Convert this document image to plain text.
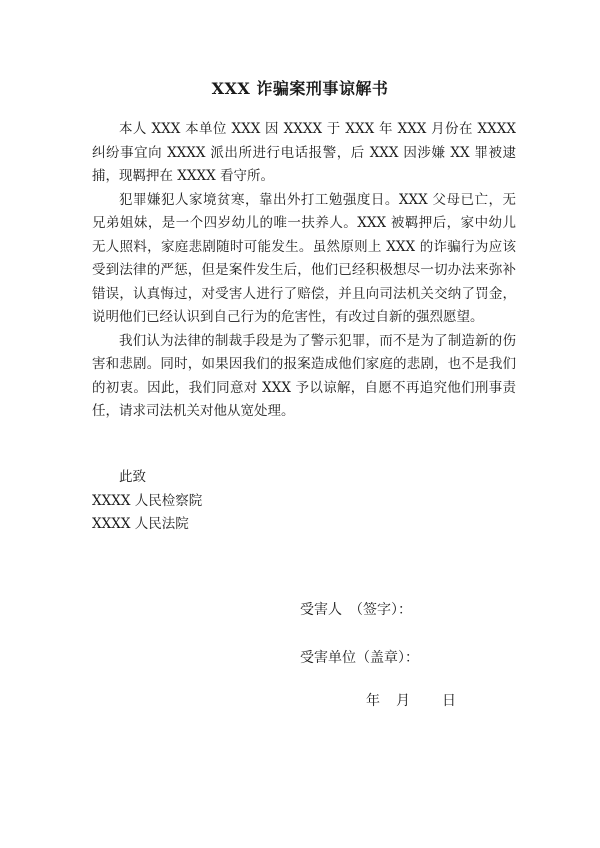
XXX 诈骗案刑事谅解书

本人 XXX 本单位 XXX 因 XXXX 于 XXX 年 XXX 月份在 XXXX 纠纷事宜向 XXXX 派出所进行电话报警，后 XXX 因涉嫌 XX 罪被逮捕，现羁押在 XXXX 看守所。

犯罪嫌犯人家境贫寒，靠出外打工勉强度日。XXX 父母已亡，无兄弟姐妹，是一个四岁幼儿的唯一扶养人。XXX 被羁押后，家中幼儿无人照料，家庭悲剧随时可能发生。虽然原则上 XXX 的诈骗行为应该受到法律的严惩，但是案件发生后，他们已经积极想尽一切办法来弥补错误，认真悔过，对受害人进行了赔偿，并且向司法机关交纳了罚金，说明他们已经认识到自己行为的危害性，有改过自新的强烈愿望。

我们认为法律的制裁手段是为了警示犯罪，而不是为了制造新的伤害和悲剧。同时，如果因我们的报案造成他们家庭的悲剧，也不是我们的初衷。因此，我们同意对 XXX 予以谅解，自愿不再追究他们刑事责任，请求司法机关对他从宽处理。

此致
XXXX 人民检察院
XXXX 人民法院
受害人　（签字）：
受害单位（盖章）：
年 月 日
